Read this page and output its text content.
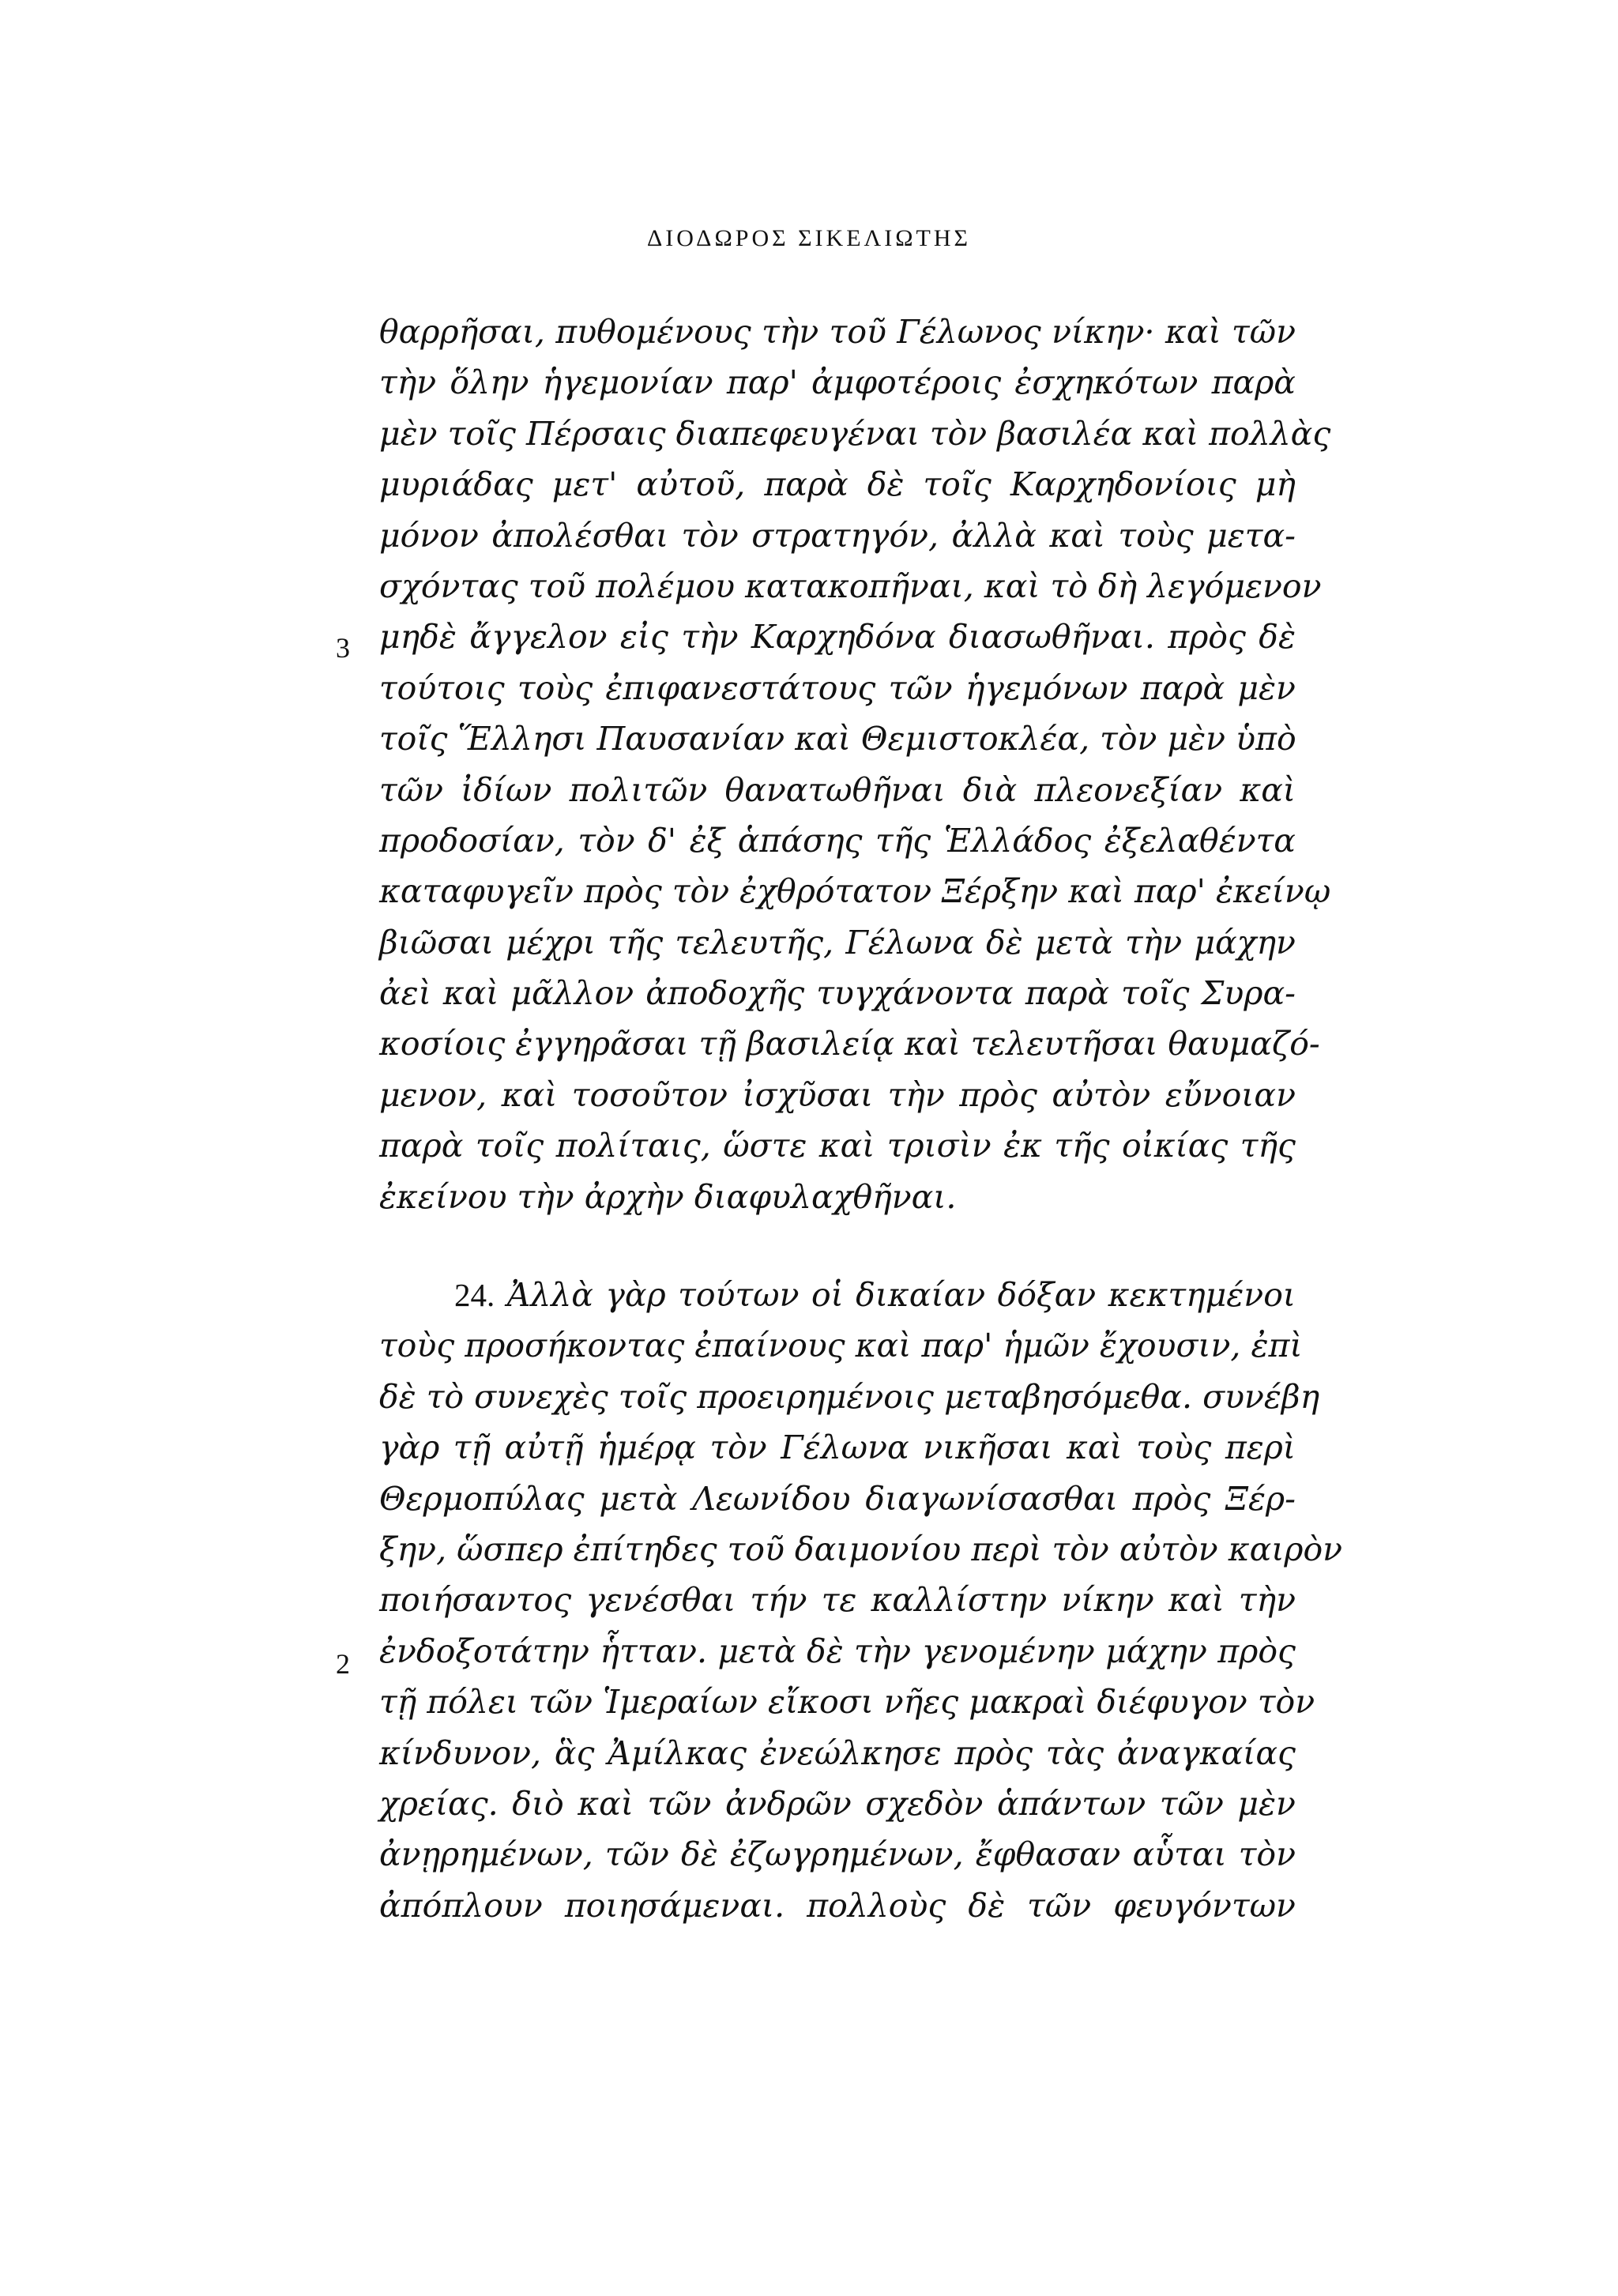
ΔΙΟΔΩΡΟΣ ΣΙΚΕΛΙΩΤΗΣ
3
2
θαρρῆσαι, πυθομένους τὴν τοῦ Γέλωνος νίκην· καὶ τῶν
τὴν ὅλην ἡγεμονίαν παρ' ἀμφοτέροις ἐσχηκότων παρὰ
μὲν τοῖς Πέρσαις διαπεφευγέναι τὸν βασιλέα καὶ πολλὰς
μυριάδας μετ' αὐτοῦ, παρὰ δὲ τοῖς Καρχηδονίοις μὴ
μόνον ἀπολέσθαι τὸν στρατηγόν, ἀλλὰ καὶ τοὺς μετα-
σχόντας τοῦ πολέμου κατακοπῆναι, καὶ τὸ δὴ λεγόμενον
μηδὲ ἄγγελον εἰς τὴν Καρχηδόνα διασωθῆναι. πρὸς δὲ
τούτοις τοὺς ἐπιφανεστάτους τῶν ἡγεμόνων παρὰ μὲν
τοῖς Ἕλλησι Παυσανίαν καὶ Θεμιστοκλέα, τὸν μὲν ὑπὸ
τῶν ἰδίων πολιτῶν θανατωθῆναι διὰ πλεονεξίαν καὶ
προδοσίαν, τὸν δ' ἐξ ἁπάσης τῆς Ἑλλάδος ἐξελαθέντα
καταφυγεῖν πρὸς τὸν ἐχθρότατον Ξέρξην καὶ παρ' ἐκείνῳ
βιῶσαι μέχρι τῆς τελευτῆς, Γέλωνα δὲ μετὰ τὴν μάχην
ἀεὶ καὶ μᾶλλον ἀποδοχῆς τυγχάνοντα παρὰ τοῖς Συρα-
κοσίοις ἐγγηρᾶσαι τῇ βασιλείᾳ καὶ τελευτῆσαι θαυμαζό-
μενον, καὶ τοσοῦτον ἰσχῦσαι τὴν πρὸς αὐτὸν εὔνοιαν
παρὰ τοῖς πολίταις, ὥστε καὶ τρισὶν ἐκ τῆς οἰκίας τῆς
ἐκείνου τὴν ἀρχὴν διαφυλαχθῆναι.
24. Ἀλλὰ γὰρ τούτων οἱ δικαίαν δόξαν κεκτημένοι
τοὺς προσήκοντας ἐπαίνους καὶ παρ' ἡμῶν ἔχουσιν, ἐπὶ
δὲ τὸ συνεχὲς τοῖς προειρημένοις μεταβησόμεθα. συνέβη
γὰρ τῇ αὐτῇ ἡμέρᾳ τὸν Γέλωνα νικῆσαι καὶ τοὺς περὶ
Θερμοπύλας μετὰ Λεωνίδου διαγωνίσασθαι πρὸς Ξέρ-
ξην, ὥσπερ ἐπίτηδες τοῦ δαιμονίου περὶ τὸν αὐτὸν καιρὸν
ποιήσαντος γενέσθαι τήν τε καλλίστην νίκην καὶ τὴν
ἐνδοξοτάτην ἧτταν. μετὰ δὲ τὴν γενομένην μάχην πρὸς
τῇ πόλει τῶν Ἱμεραίων εἴκοσι νῆες μακραὶ διέφυγον τὸν
κίνδυνον, ἃς Ἀμίλκας ἐνεώλκησε πρὸς τὰς ἀναγκαίας
χρείας. διὸ καὶ τῶν ἀνδρῶν σχεδὸν ἁπάντων τῶν μὲν
ἀνῃρημένων, τῶν δὲ ἐζωγρημένων, ἔφθασαν αὗται τὸν
ἀπόπλουν ποιησάμεναι. πολλοὺς δὲ τῶν φευγόντων
